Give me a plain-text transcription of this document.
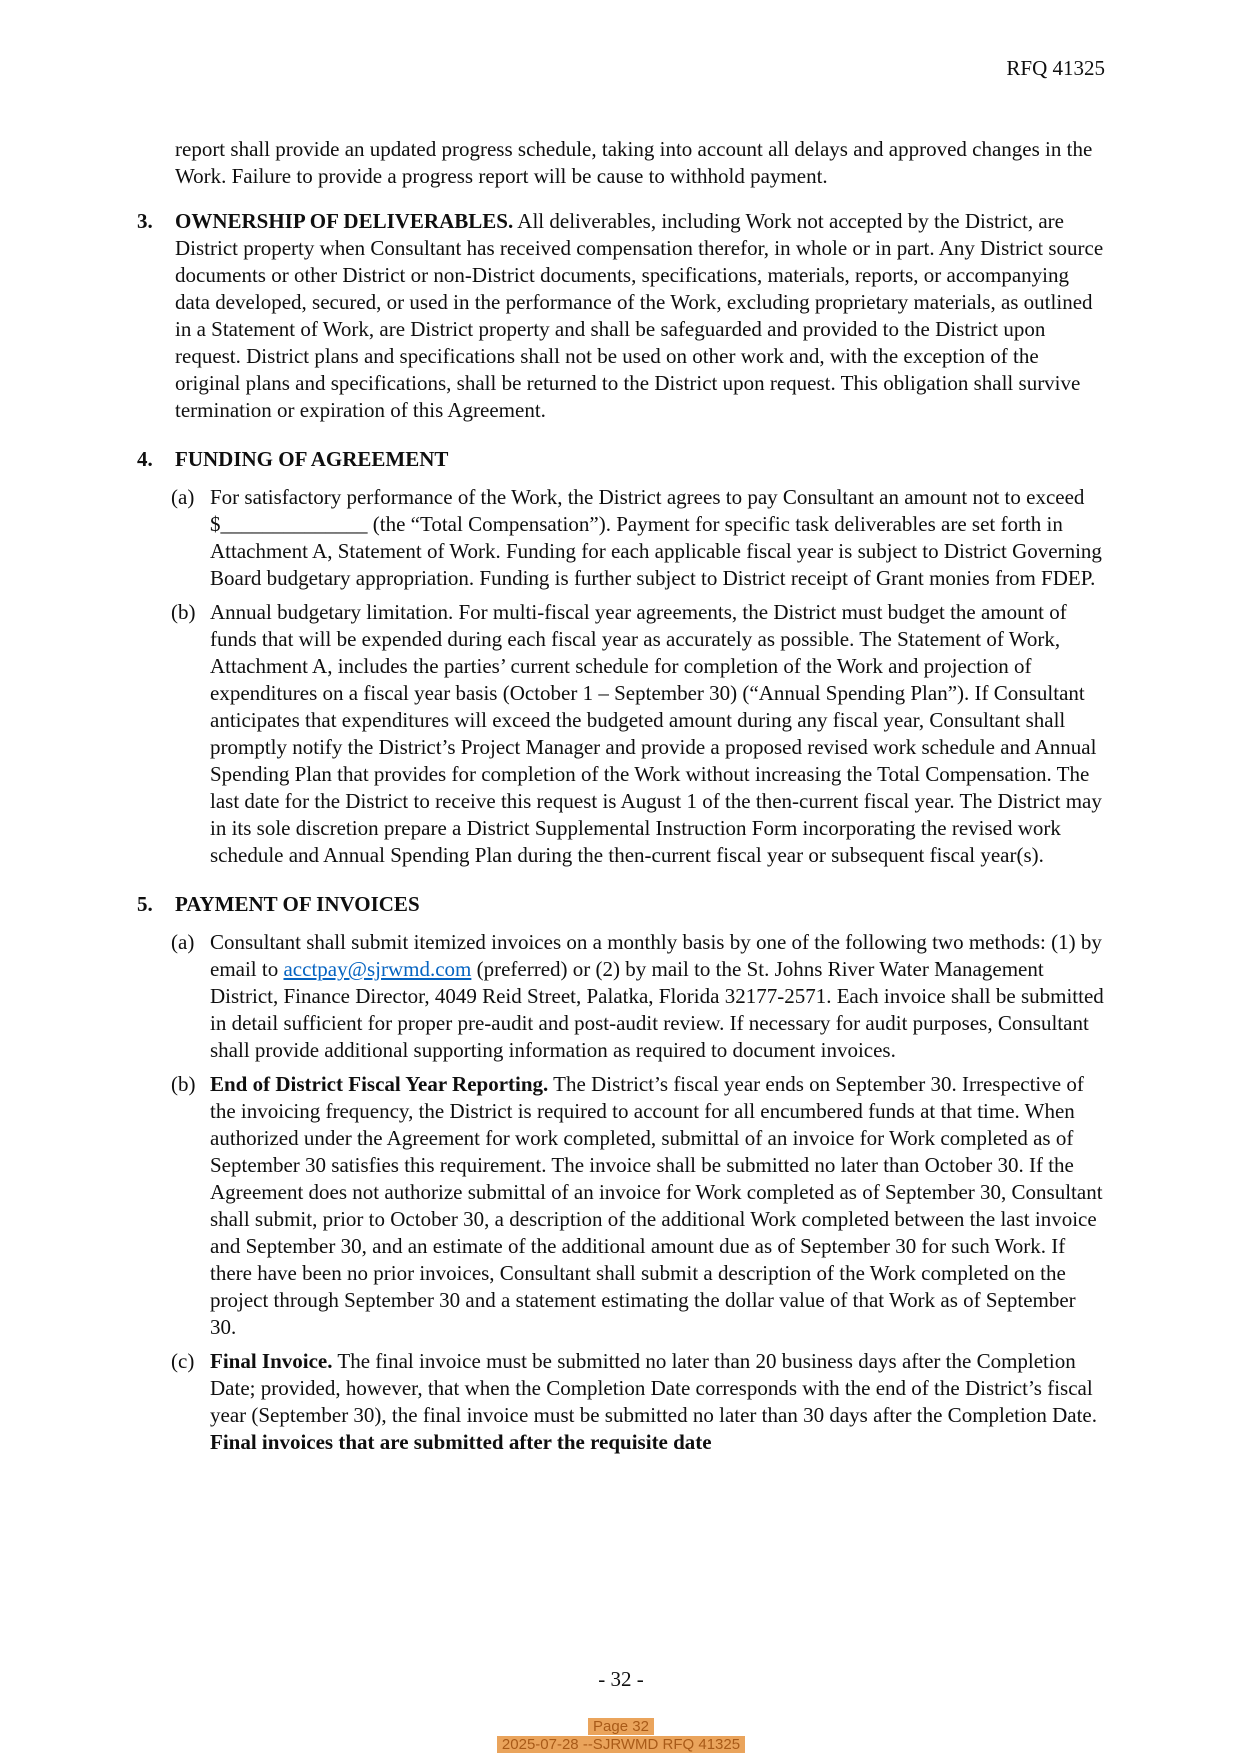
RFQ 41325

report shall provide an updated progress schedule, taking into account all delays and approved changes in the Work. Failure to provide a progress report will be cause to withhold payment.

3.	OWNERSHIP OF DELIVERABLES. All deliverables, including Work not accepted by the District, are District property when Consultant has received compensation therefor, in whole or in part. Any District source documents or other District or non-District documents, specifications, materials, reports, or accompanying data developed, secured, or used in the performance of the Work, excluding proprietary materials, as outlined in a Statement of Work, are District property and shall be safeguarded and provided to the District upon request. District plans and specifications shall not be used on other work and, with the exception of the original plans and specifications, shall be returned to the District upon request. This obligation shall survive termination or expiration of this Agreement.

4.	FUNDING OF AGREEMENT
(a) For satisfactory performance of the Work, the District agrees to pay Consultant an amount not to exceed $______________ (the “Total Compensation”). Payment for specific task deliverables are set forth in Attachment A, Statement of Work. Funding for each applicable fiscal year is subject to District Governing Board budgetary appropriation. Funding is further subject to District receipt of Grant monies from FDEP.

(b) Annual budgetary limitation. For multi-fiscal year agreements, the District must budget the amount of funds that will be expended during each fiscal year as accurately as possible. The Statement of Work, Attachment A, includes the parties’ current schedule for completion of the Work and projection of expenditures on a fiscal year basis (October 1 – September 30) (“Annual Spending Plan”). If Consultant anticipates that expenditures will exceed the budgeted amount during any fiscal year, Consultant shall promptly notify the District’s Project Manager and provide a proposed revised work schedule and Annual Spending Plan that provides for completion of the Work without increasing the Total Compensation. The last date for the District to receive this request is August 1 of the then-current fiscal year. The District may in its sole discretion prepare a District Supplemental Instruction Form incorporating the revised work schedule and Annual Spending Plan during the then-current fiscal year or subsequent fiscal year(s).

5.	PAYMENT OF INVOICES
(a) Consultant shall submit itemized invoices on a monthly basis by one of the following two methods: (1) by email to acctpay@sjrwmd.com (preferred) or (2) by mail to the St. Johns River Water Management District, Finance Director, 4049 Reid Street, Palatka, Florida 32177-2571. Each invoice shall be submitted in detail sufficient for proper pre-audit and post-audit review. If necessary for audit purposes, Consultant shall provide additional supporting information as required to document invoices.

(b) End of District Fiscal Year Reporting. The District’s fiscal year ends on September 30. Irrespective of the invoicing frequency, the District is required to account for all encumbered funds at that time. When authorized under the Agreement for work completed, submittal of an invoice for Work completed as of September 30 satisfies this requirement. The invoice shall be submitted no later than October 30. If the Agreement does not authorize submittal of an invoice for Work completed as of September 30, Consultant shall submit, prior to October 30, a description of the additional Work completed between the last invoice and September 30, and an estimate of the additional amount due as of September 30 for such Work. If there have been no prior invoices, Consultant shall submit a description of the Work completed on the project through September 30 and a statement estimating the dollar value of that Work as of September 30.

(c) Final Invoice. The final invoice must be submitted no later than 20 business days after the Completion Date; provided, however, that when the Completion Date corresponds with the end of the District’s fiscal year (September 30), the final invoice must be submitted no later than 30 days after the Completion Date. Final invoices that are submitted after the requisite date

- 32 -
Page 32
2025-07-28 --SJRWMD RFQ 41325
